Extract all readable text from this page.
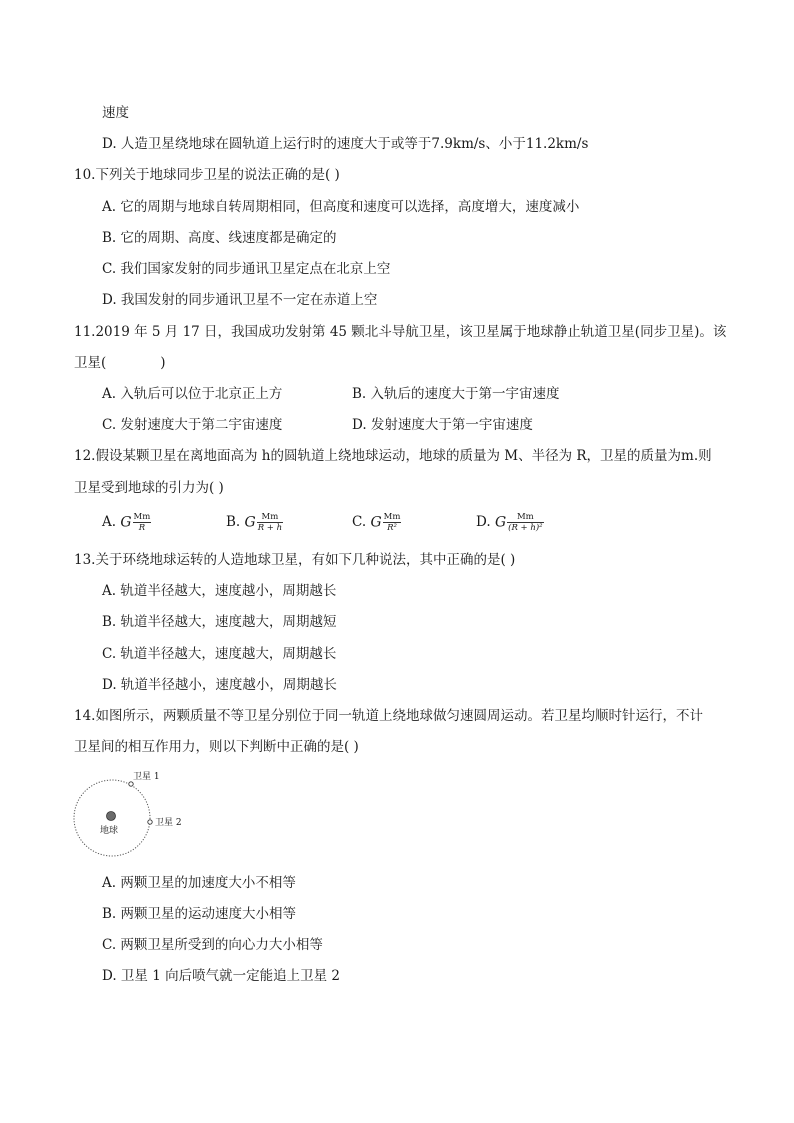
速度
D. 人造卫星绕地球在圆轨道上运行时的速度大于或等于7.9km/s、小于11.2km/s
10.下列关于地球同步卫星的说法正确的是( )
A. 它的周期与地球自转周期相同，但高度和速度可以选择，高度增大，速度减小
B. 它的周期、高度、线速度都是确定的
C. 我们国家发射的同步通讯卫星定点在北京上空
D. 我国发射的同步通讯卫星不一定在赤道上空
11.2019 年 5 月 17 日，我国成功发射第 45 颗北斗导航卫星，该卫星属于地球静止轨道卫星(同步卫星)。该
卫星(　　　　)
A. 入轨后可以位于北京正上方	B. 入轨后的速度大于第一宇宙速度
C. 发射速度大于第二宇宙速度	D. 发射速度大于第一宇宙速度
12.假设某颗卫星在离地面高为 h的圆轨道上绕地球运动，地球的质量为 M、半径为 R，卫星的质量为m.则
卫星受到地球的引力为( )
A. G $\frac{Mm}{R}$	B. G $\frac{Mm}{R + h}$	C. G $\frac{Mm}{\text{R²}}$	D. G $\frac{Mm}{\text{(R + h)²}}$
13.关于环绕地球运转的人造地球卫星，有如下几种说法，其中正确的是( )
A. 轨道半径越大，速度越小，周期越长
B. 轨道半径越大，速度越大，周期越短
C. 轨道半径越大，速度越大，周期越长
D. 轨道半径越小，速度越小，周期越长
14.如图所示，两颗质量不等卫星分别位于同一轨道上绕地球做匀速圆周运动。若卫星均顺时针运行，不计
卫星间的相互作用力，则以下判断中正确的是( )
地球
卫星 1
卫星 2
A. 两颗卫星的加速度大小不相等
B. 两颗卫星的运动速度大小相等
C. 两颗卫星所受到的向心力大小相等
D. 卫星 1 向后喷气就一定能追上卫星 2
